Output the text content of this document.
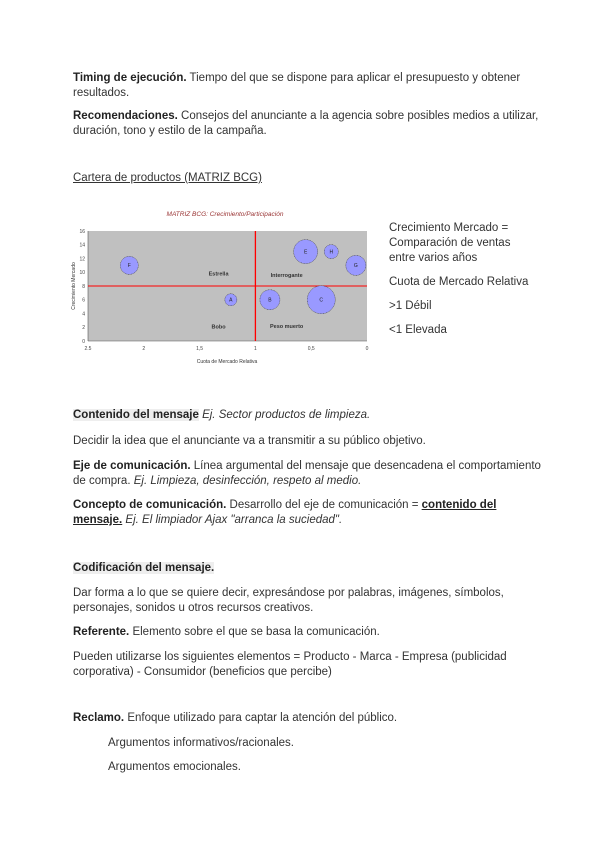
Timing de ejecución. Tiempo del que se dispone para aplicar el presupuesto y obtener resultados.
Recomendaciones. Consejos del anunciante a la agencia sobre posibles medios a utilizar, duración, tono y estilo de la campaña.
Cartera de productos (MATRIZ BCG)
MATRIZ BCG: Crecimiento/Participación
0
2
4
6
8
10
12
14
16
2.5	2	1,5	1	0,5	0
Estrella	Interrogante
Bobo	Peso muerto
F
E	H
G
A	B	C
Cuota de Mercado Relativa
Crecimiento Mercado
Crecimiento Mercado = Comparación de ventas entre varios años
Cuota de Mercado Relativa
>1 Débil
<1 Elevada
Contenido del mensaje Ej. Sector productos de limpieza.
Decidir la idea que el anunciante va a transmitir a su público objetivo.
Eje de comunicación. Línea argumental del mensaje que desencadena el comportamiento de compra. Ej. Limpieza, desinfección, respeto al medio.
Concepto de comunicación. Desarrollo del eje de comunicación = contenido del mensaje. Ej. El limpiador Ajax "arranca la suciedad".
Codificación del mensaje.
Dar forma a lo que se quiere decir, expresándose por palabras, imágenes, símbolos, personajes, sonidos u otros recursos creativos.
Referente. Elemento sobre el que se basa la comunicación.
Pueden utilizarse los siguientes elementos = Producto - Marca - Empresa (publicidad corporativa) - Consumidor (beneficios que percibe)
Reclamo. Enfoque utilizado para captar la atención del público.
Argumentos informativos/racionales.
Argumentos emocionales.
